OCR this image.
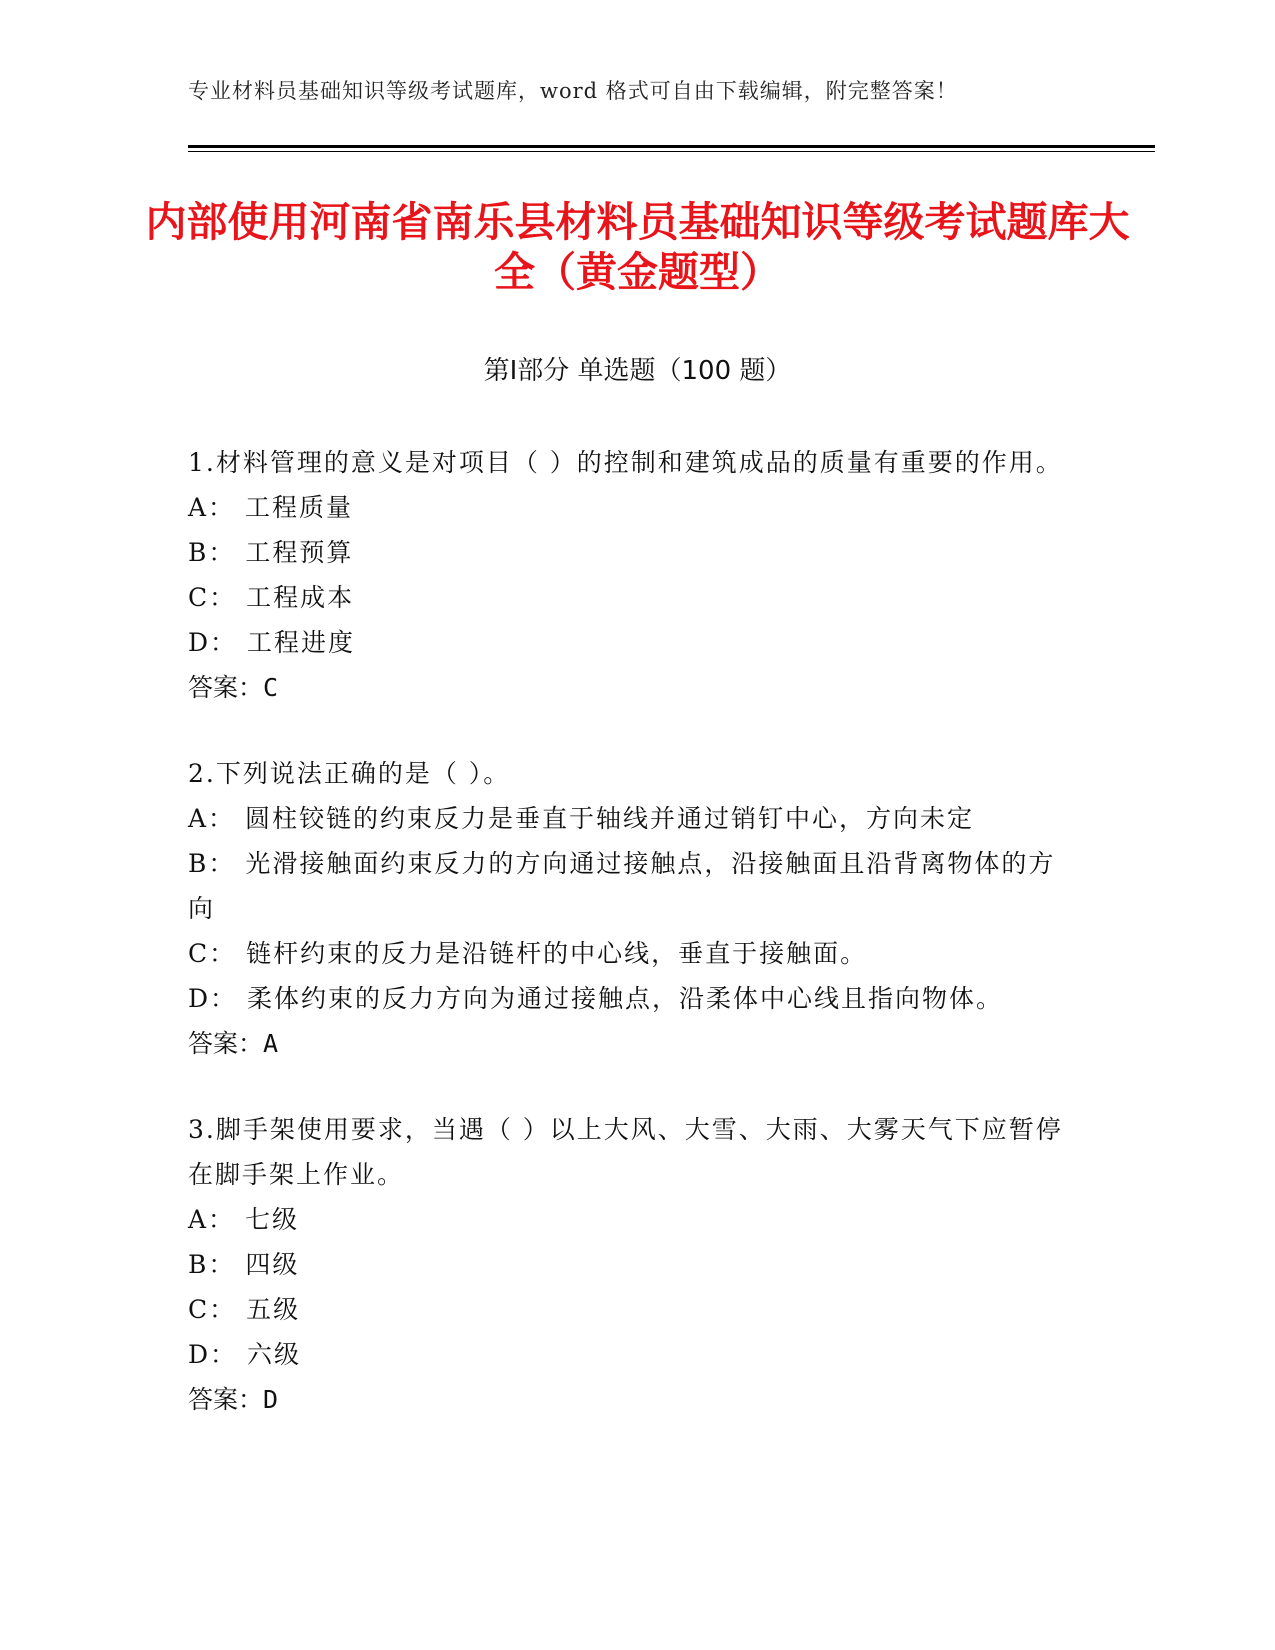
专业材料员基础知识等级考试题库，word 格式可自由下载编辑，附完整答案！
内部使用河南省南乐县材料员基础知识等级考试题库大全（黄金题型）
第Ⅰ部分 单选题（100 题）

1.材料管理的意义是对项目（ ）的控制和建筑成品的质量有重要的作用。

A： 工程质量

B： 工程预算

C： 工程成本

D： 工程进度

答案：C

2.下列说法正确的是（ ）。

A： 圆柱铰链的约束反力是垂直于轴线并通过销钉中心，方向未定

B： 光滑接触面约束反力的方向通过接触点，沿接触面且沿背离物体的方向

C： 链杆约束的反力是沿链杆的中心线，垂直于接触面。

D： 柔体约束的反力方向为通过接触点，沿柔体中心线且指向物体。

答案：A

3.脚手架使用要求，当遇（ ）以上大风、大雪、大雨、大雾天气下应暂停在脚手架上作业。

A： 七级

B： 四级

C： 五级

D： 六级

答案：D
